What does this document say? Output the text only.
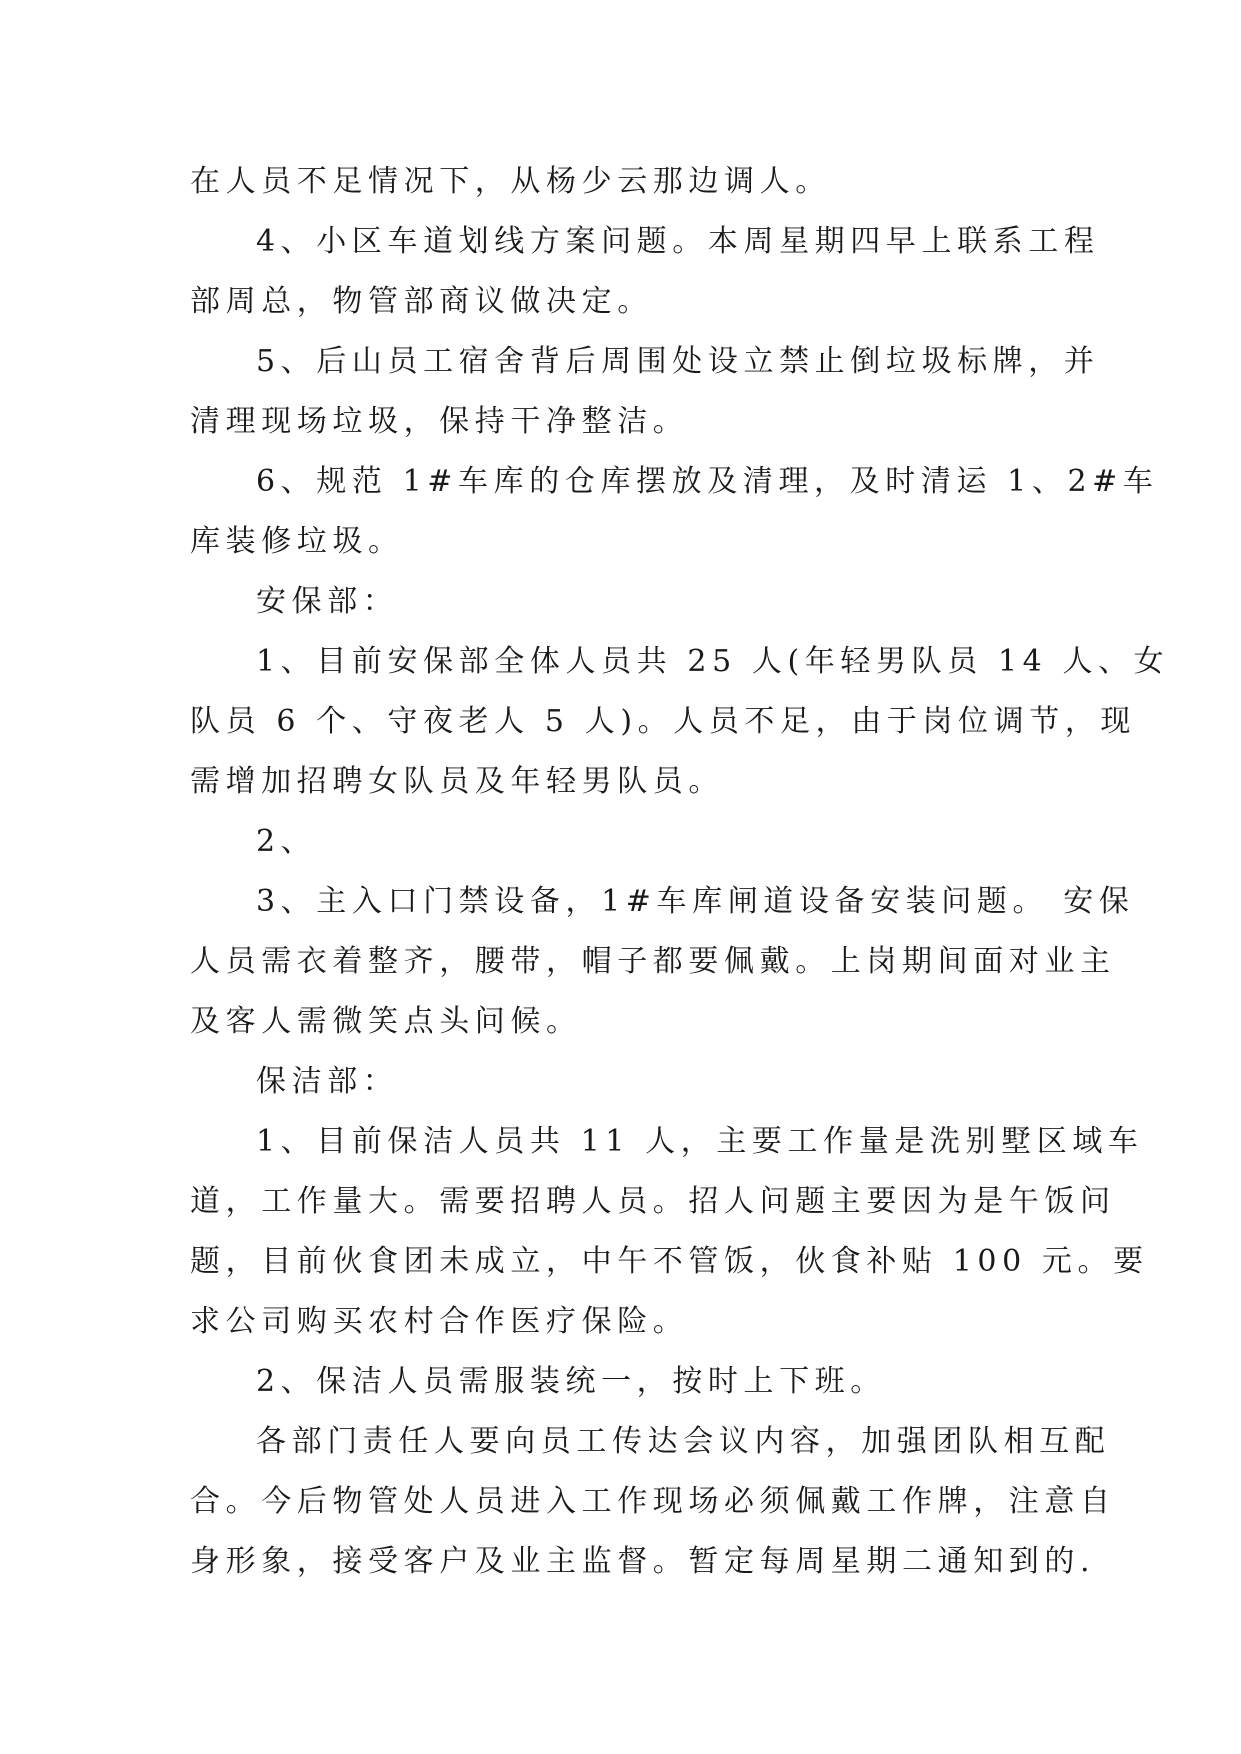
在人员不足情况下，从杨少云那边调人。
4、小区车道划线方案问题。本周星期四早上联系工程
部周总，物管部商议做决定。
5、后山员工宿舍背后周围处设立禁止倒垃圾标牌，并
清理现场垃圾，保持干净整洁。
6、规范 1#车库的仓库摆放及清理，及时清运 1、2#车
库装修垃圾。
安保部：
1、目前安保部全体人员共 25 人(年轻男队员 14 人、女
队员 6 个、守夜老人 5 人)。人员不足，由于岗位调节，现
需增加招聘女队员及年轻男队员。
2、
3、主入口门禁设备，1#车库闸道设备安装问题。 安保
人员需衣着整齐，腰带，帽子都要佩戴。上岗期间面对业主
及客人需微笑点头问候。
保洁部：
1、目前保洁人员共 11 人，主要工作量是洗别墅区域车
道，工作量大。需要招聘人员。招人问题主要因为是午饭问
题，目前伙食团未成立，中午不管饭，伙食补贴 100 元。要
求公司购买农村合作医疗保险。
2、保洁人员需服装统一，按时上下班。
各部门责任人要向员工传达会议内容，加强团队相互配
合。今后物管处人员进入工作现场必须佩戴工作牌，注意自
身形象，接受客户及业主监督。暂定每周星期二通知到的.
